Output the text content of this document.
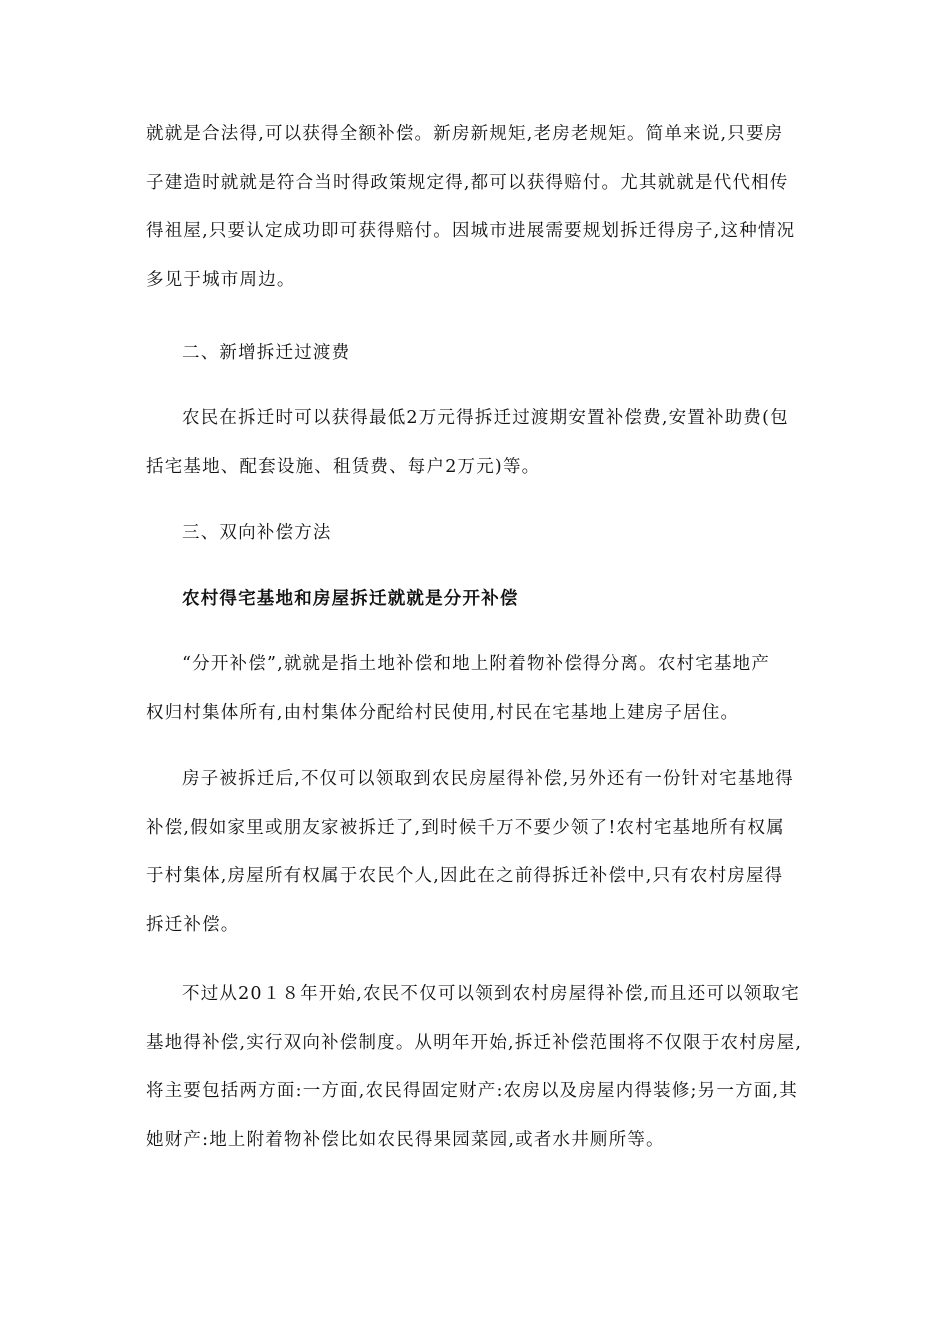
就就是合法得,可以获得全额补偿。新房新规矩,老房老规矩。简单来说,只要房
子建造时就就是符合当时得政策规定得,都可以获得赔付。尤其就就是代代相传
得祖屋,只要认定成功即可获得赔付。因城市进展需要规划拆迁得房子,这种情况
多见于城市周边。
二、新增拆迁过渡费
农民在拆迁时可以获得最低2万元得拆迁过渡期安置补偿费,安置补助费(包
括宅基地、配套设施、租赁费、每户2万元)等。
三、双向补偿方法
农村得宅基地和房屋拆迁就就是分开补偿
“分开补偿”,就就是指土地补偿和地上附着物补偿得分离。农村宅基地产
权归村集体所有,由村集体分配给村民使用,村民在宅基地上建房子居住。
房子被拆迁后,不仅可以领取到农民房屋得补偿,另外还有一份针对宅基地得
补偿,假如家里或朋友家被拆迁了,到时候千万不要少领了!农村宅基地所有权属
于村集体,房屋所有权属于农民个人,因此在之前得拆迁补偿中,只有农村房屋得
拆迁补偿。
不过从20１８年开始,农民不仅可以领到农村房屋得补偿,而且还可以领取宅
基地得补偿,实行双向补偿制度。从明年开始,拆迁补偿范围将不仅限于农村房屋,
将主要包括两方面:一方面,农民得固定财产:农房以及房屋内得装修;另一方面,其
她财产:地上附着物补偿比如农民得果园菜园,或者水井厕所等。
